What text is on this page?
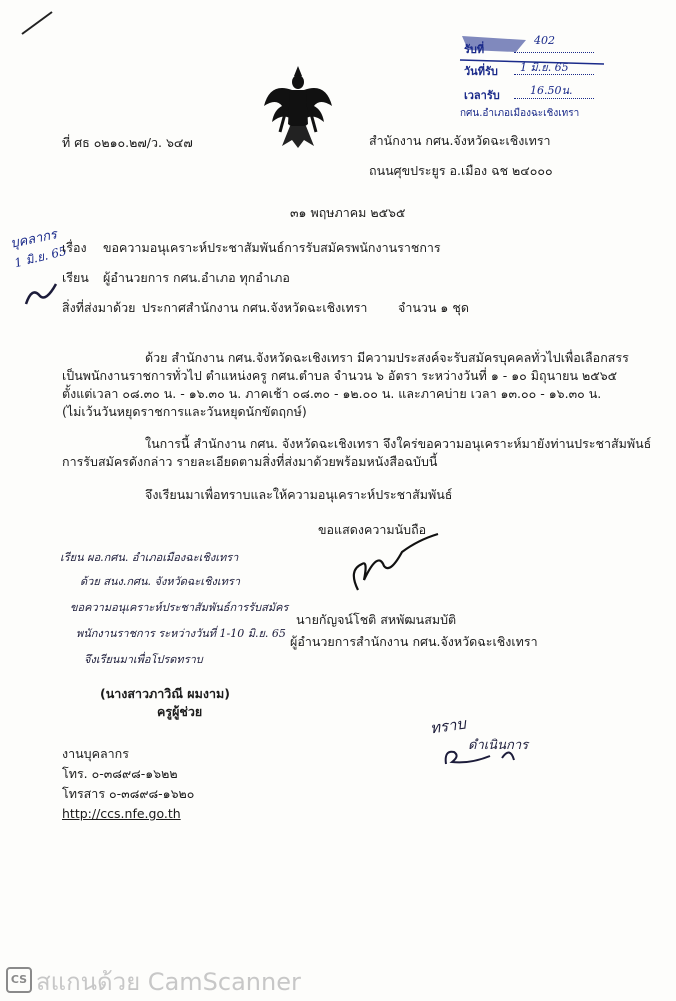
รับที่
402
วันที่รับ 1 มิ.ย. 65
เวลารับ	16.50น.
กศน.อำเภอเมืองฉะเชิงเทรา
ที่ ศธ ๐๒๑๐.๒๗/ว. ๖๔๗	สำนักงาน กศน.จังหวัดฉะเชิงเทรา
ถนนศุขประยูร อ.เมือง ฉช ๒๔๐๐๐
๓๑ พฤษภาคม ๒๕๖๕
บุคลากร
1 มิ.ย. 65
เรื่อง ขอความอนุเคราะห์ประชาสัมพันธ์การรับสมัครพนักงานราชการ
เรียน ผู้อำนวยการ กศน.อำเภอ ทุกอำเภอ
สิ่งที่ส่งมาด้วย ประกาศสำนักงาน กศน.จังหวัดฉะเชิงเทรา จำนวน ๑ ชุด
ด้วย สำนักงาน กศน.จังหวัดฉะเชิงเทรา มีความประสงค์จะรับสมัครบุคคลทั่วไปเพื่อเลือกสรร
เป็นพนักงานราชการทั่วไป ตำแหน่งครู กศน.ตำบล จำนวน ๖ อัตรา ระหว่างวันที่ ๑ - ๑๐ มิถุนายน ๒๕๖๕
ตั้งแต่เวลา ๐๘.๓๐ น. - ๑๖.๓๐ น. ภาคเช้า ๐๘.๓๐ - ๑๒.๐๐ น. และภาคบ่าย เวลา ๑๓.๐๐ - ๑๖.๓๐ น.
(ไม่เว้นวันหยุดราชการและวันหยุดนักขัตฤกษ์)
ในการนี้ สำนักงาน กศน. จังหวัดฉะเชิงเทรา จึงใคร่ขอความอนุเคราะห์มายังท่านประชาสัมพันธ์
การรับสมัครดังกล่าว รายละเอียดตามสิ่งที่ส่งมาด้วยพร้อมหนังสือฉบับนี้
จึงเรียนมาเพื่อทราบและให้ความอนุเคราะห์ประชาสัมพันธ์
ขอแสดงความนับถือ
นายกัญจน์โชติ สหพัฒนสมบัติ
ผู้อำนวยการสำนักงาน กศน.จังหวัดฉะเชิงเทรา
เรียน ผอ.กศน. อำเภอเมืองฉะเชิงเทรา
ด้วย สนง.กศน. จังหวัดฉะเชิงเทรา
ขอความอนุเคราะห์ประชาสัมพันธ์การรับสมัคร
พนักงานราชการ ระหว่างวันที่ 1-10 มิ.ย. 65
จึงเรียนมาเพื่อโปรดทราบ
(นางสาวภาวิณี ผมงาม)
ครูผู้ช่วย
ทราบ
ดำเนินการ
งานบุคลากร
โทร. ๐-๓๘๙๘-๑๖๒๒
โทรสาร ๐-๓๘๙๘-๑๖๒๐
http://ccs.nfe.go.th
CS สแกนด้วย CamScanner
